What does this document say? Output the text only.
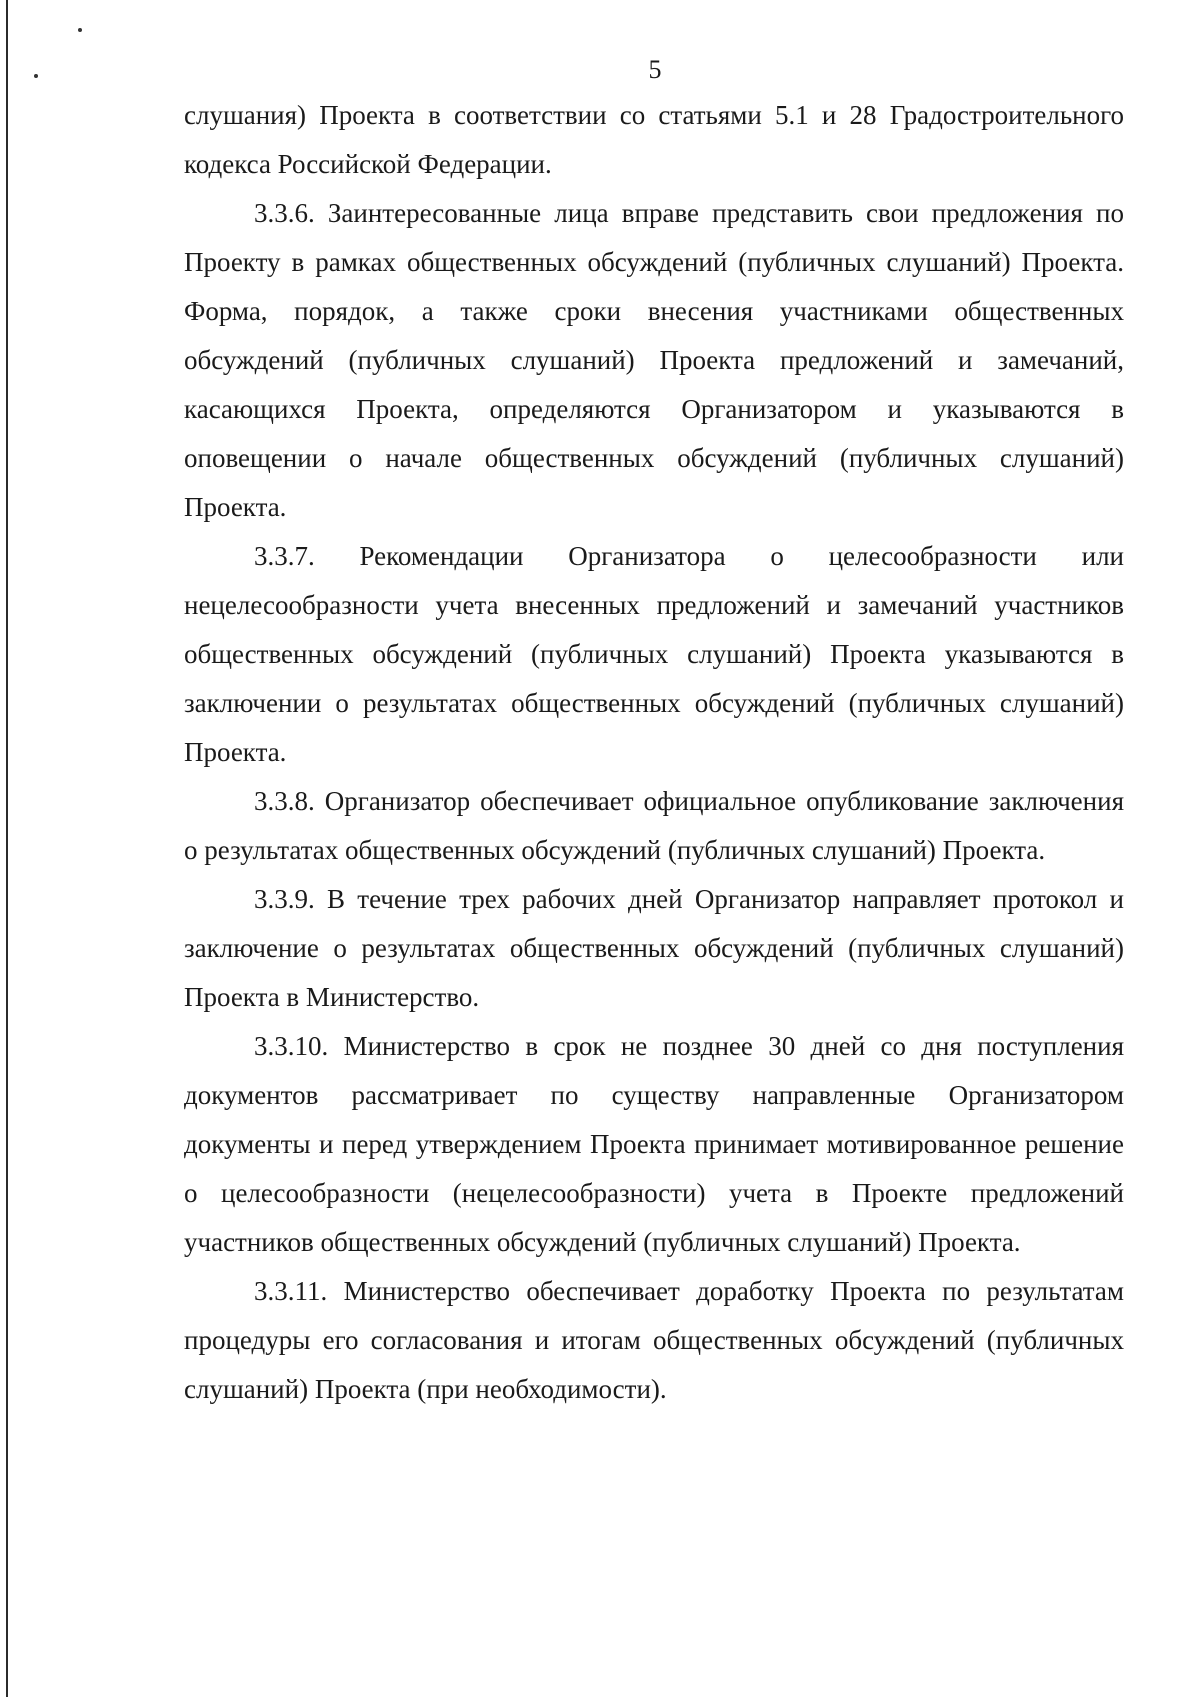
5

слушания) Проекта в соответствии со статьями 5.1 и 28 Градостроительного кодекса Российской Федерации.

3.3.6. Заинтересованные лица вправе представить свои предложения по Проекту в рамках общественных обсуждений (публичных слушаний) Проекта. Форма, порядок, а также сроки внесения участниками общественных обсуждений (публичных слушаний) Проекта предложений и замечаний, касающихся Проекта, определяются Организатором и указываются в оповещении о начале общественных обсуждений (публичных слушаний) Проекта.

3.3.7. Рекомендации Организатора о целесообразности или нецелесообразности учета внесенных предложений и замечаний участников общественных обсуждений (публичных слушаний) Проекта указываются в заключении о результатах общественных обсуждений (публичных слушаний) Проекта.

3.3.8. Организатор обеспечивает официальное опубликование заключения о результатах общественных обсуждений (публичных слушаний) Проекта.

3.3.9. В течение трех рабочих дней Организатор направляет протокол и заключение о результатах общественных обсуждений (публичных слушаний) Проекта в Министерство.

3.3.10. Министерство в срок не позднее 30 дней со дня поступления документов рассматривает по существу направленные Организатором документы и перед утверждением Проекта принимает мотивированное решение о целесообразности (нецелесообразности) учета в Проекте предложений участников общественных обсуждений (публичных слушаний) Проекта.

3.3.11. Министерство обеспечивает доработку Проекта по результатам процедуры его согласования и итогам общественных обсуждений (публичных слушаний) Проекта (при необходимости).
